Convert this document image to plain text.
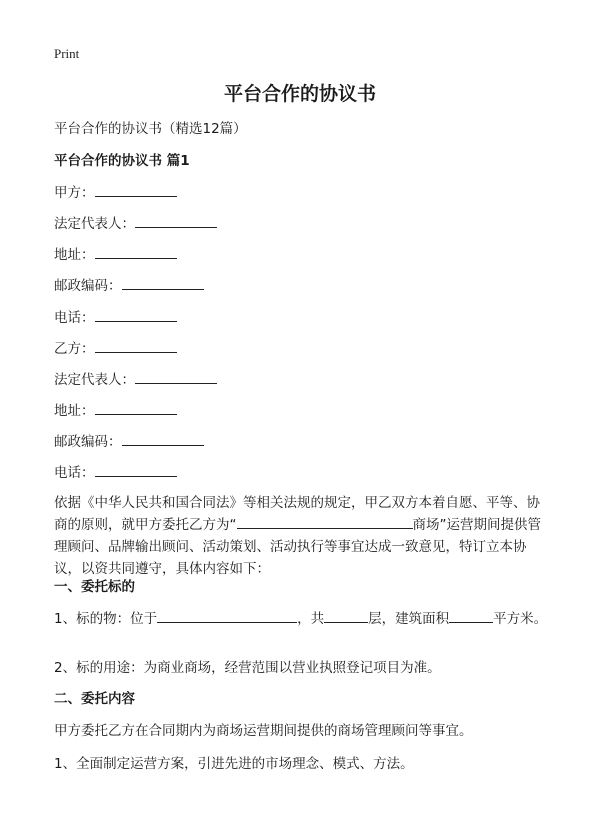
Print
平台合作的协议书
平台合作的协议书（精选12篇）
平台合作的协议书 篇1
甲方：
法定代表人：
地址：
邮政编码：
电话：
乙方：
法定代表人：
地址：
邮政编码：
电话：
依据《中华人民共和国合同法》等相关法规的规定，甲乙双方本着自愿、平等、协商的原则，就甲方委托乙方为“	商场”运营期间提供管理顾问、品牌输出顾问、活动策划、活动执行等事宜达成一致意见，特订立本协议，以资共同遵守，具体内容如下：
一、委托标的
1、标的物：位于	，共	层，建筑面积	平方米。
2、标的用途：为商业商场，经营范围以营业执照登记项目为准。
二、委托内容
甲方委托乙方在合同期内为商场运营期间提供的商场管理顾问等事宜。
1、全面制定运营方案，引进先进的市场理念、模式、方法。
